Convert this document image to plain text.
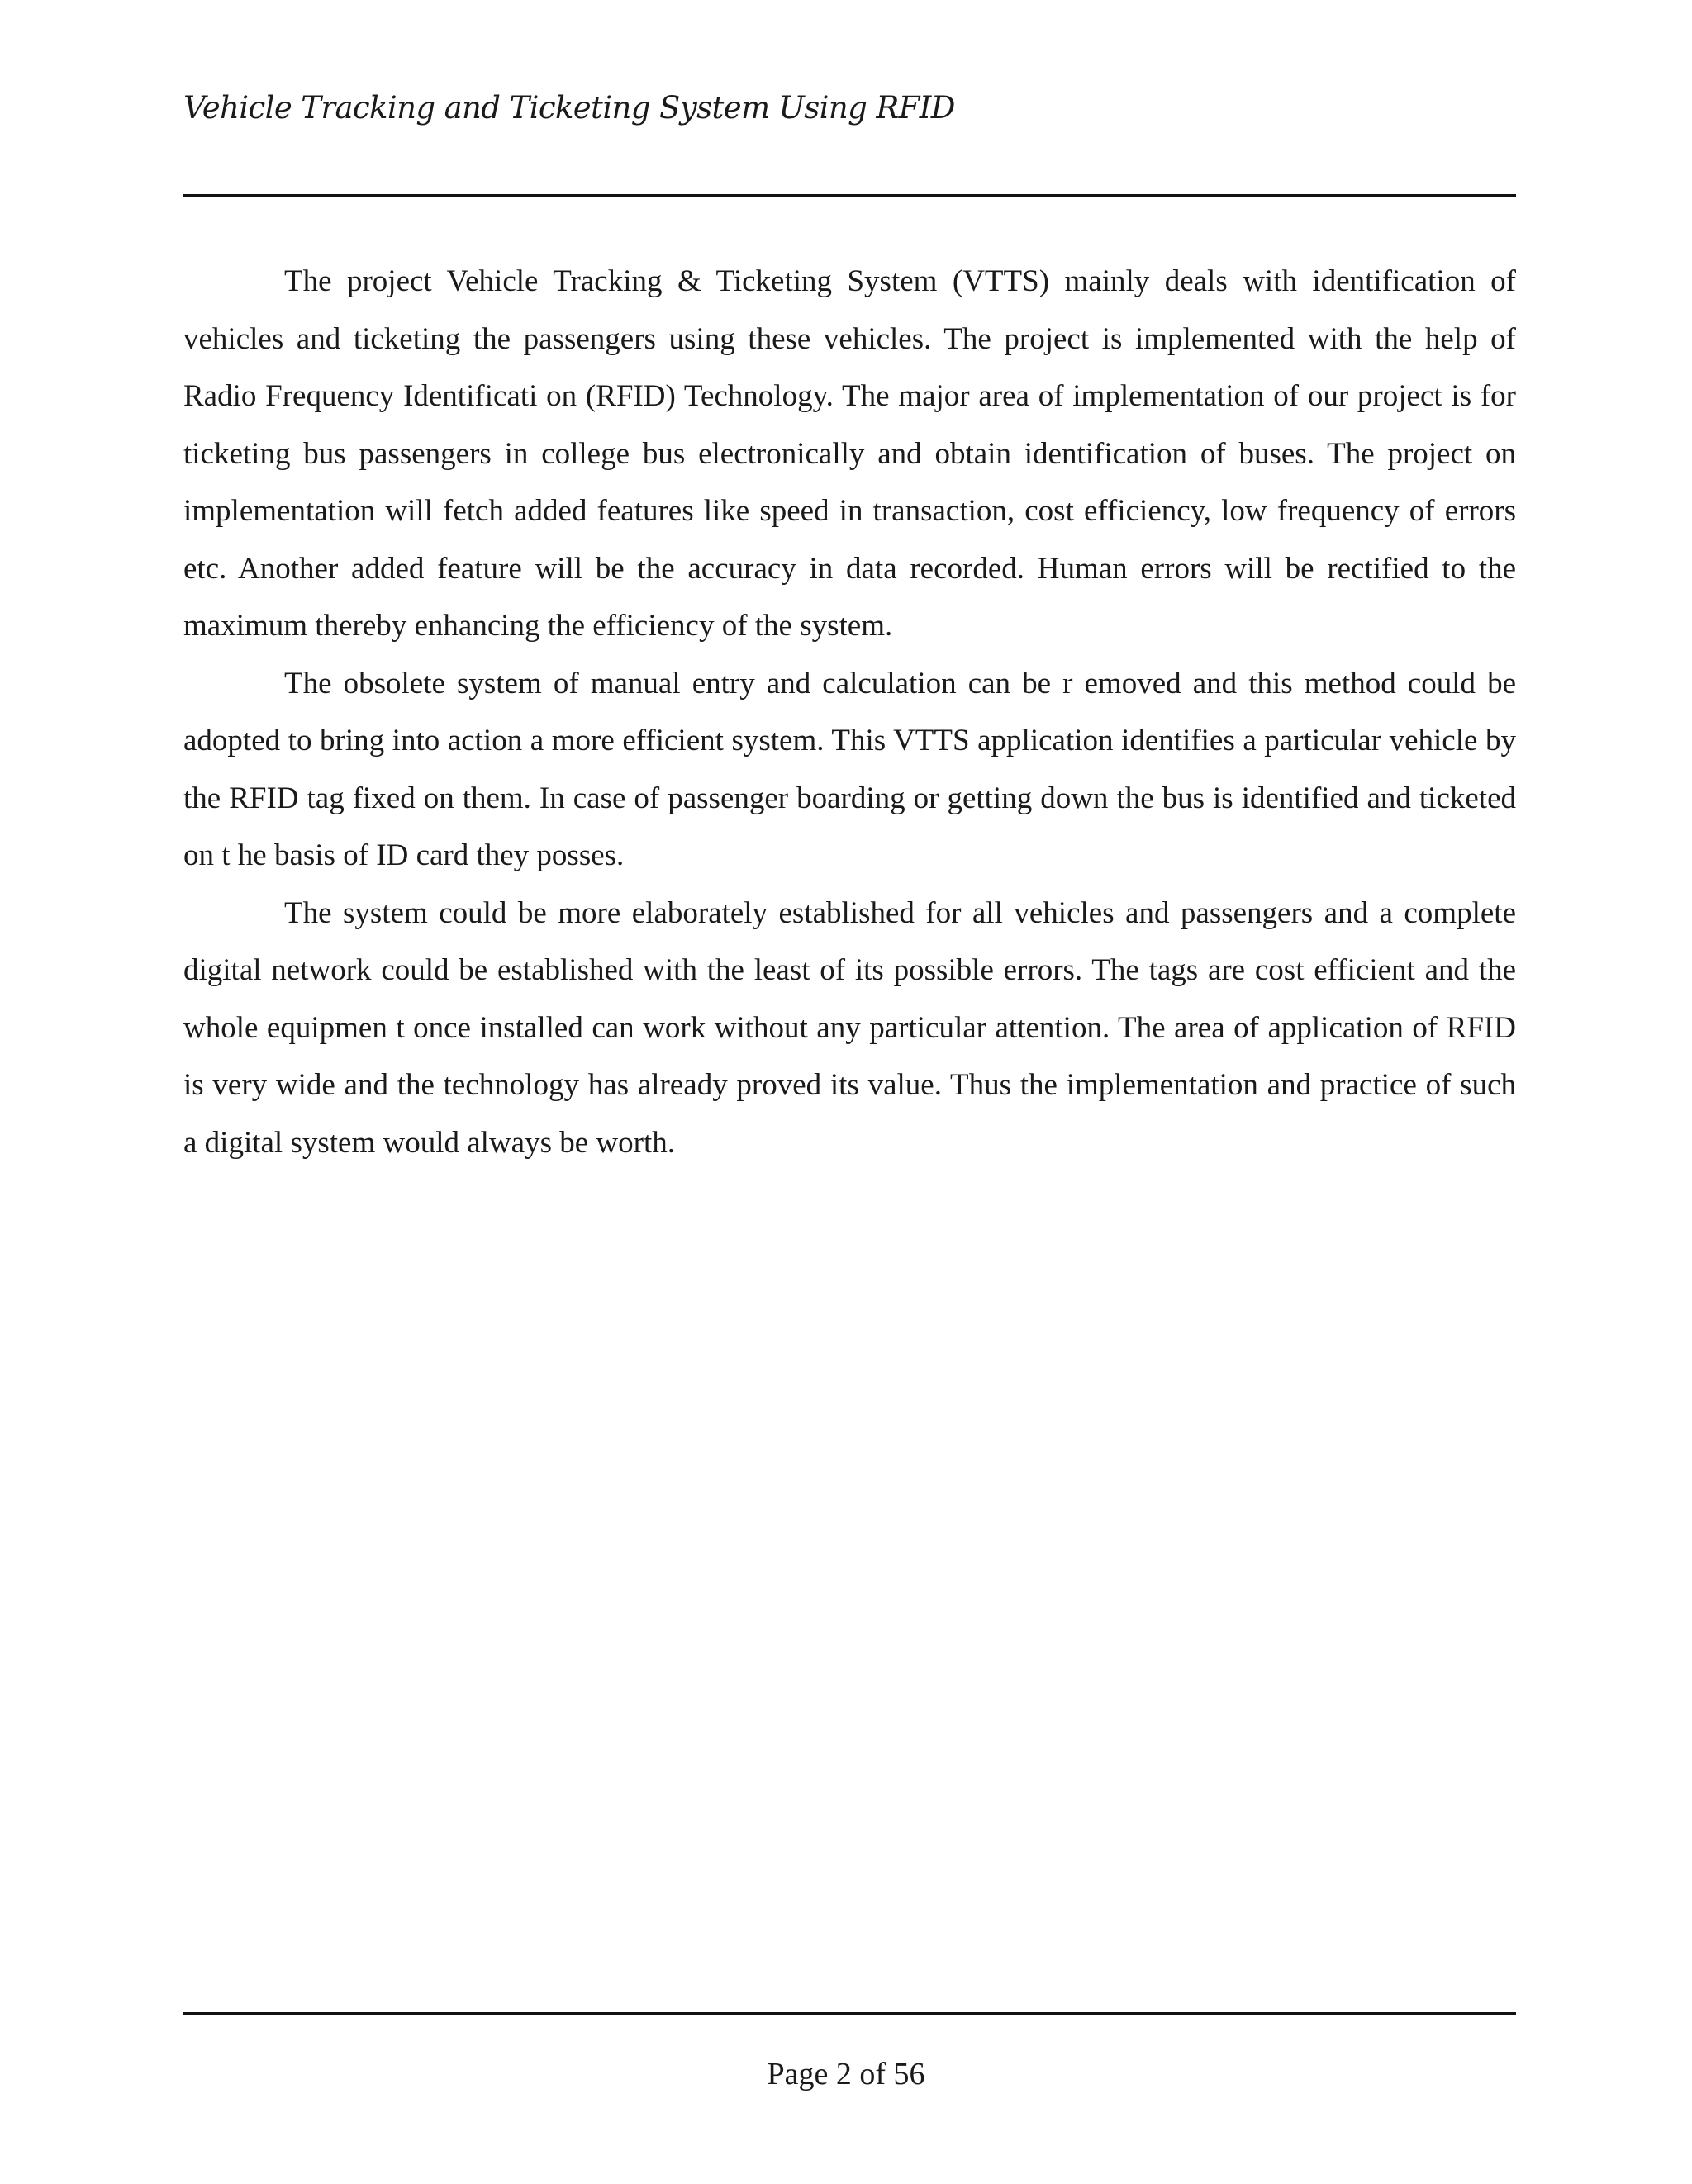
Vehicle Tracking and Ticketing System Using RFID

The project Vehicle Tracking & Ticketing System (VTTS) mainly deals with identification of vehicles and ticketing the passengers using these vehicles. The project is implemented with the help of Radio Frequency Identificati on (RFID) Technology. The major area of implementation of our project is for ticketing bus passengers in college bus electronically and obtain identification of buses. The project on implementation will fetch added features like speed in transaction, cost efficiency, low frequency of errors etc. Another added feature will be the accuracy in data recorded. Human errors will be rectified to the maximum thereby enhancing the efficiency of the system.

The obsolete system of manual entry and calculation can be r emoved and this method could be adopted to bring into action a more efficient system. This VTTS application identifies a particular vehicle by the RFID tag fixed on them. In case of passenger boarding or getting down the bus is identified and ticketed on t he basis of ID card they posses.

The system could be more elaborately established for all vehicles and passengers and a complete digital network could be established with the least of its possible errors. The tags are cost efficient and the whole equipmen t once installed can work without any particular attention. The area of application of RFID is very wide and the technology has already proved its value. Thus the implementation and practice of such a digital system would always be worth.

Page 2 of 56
